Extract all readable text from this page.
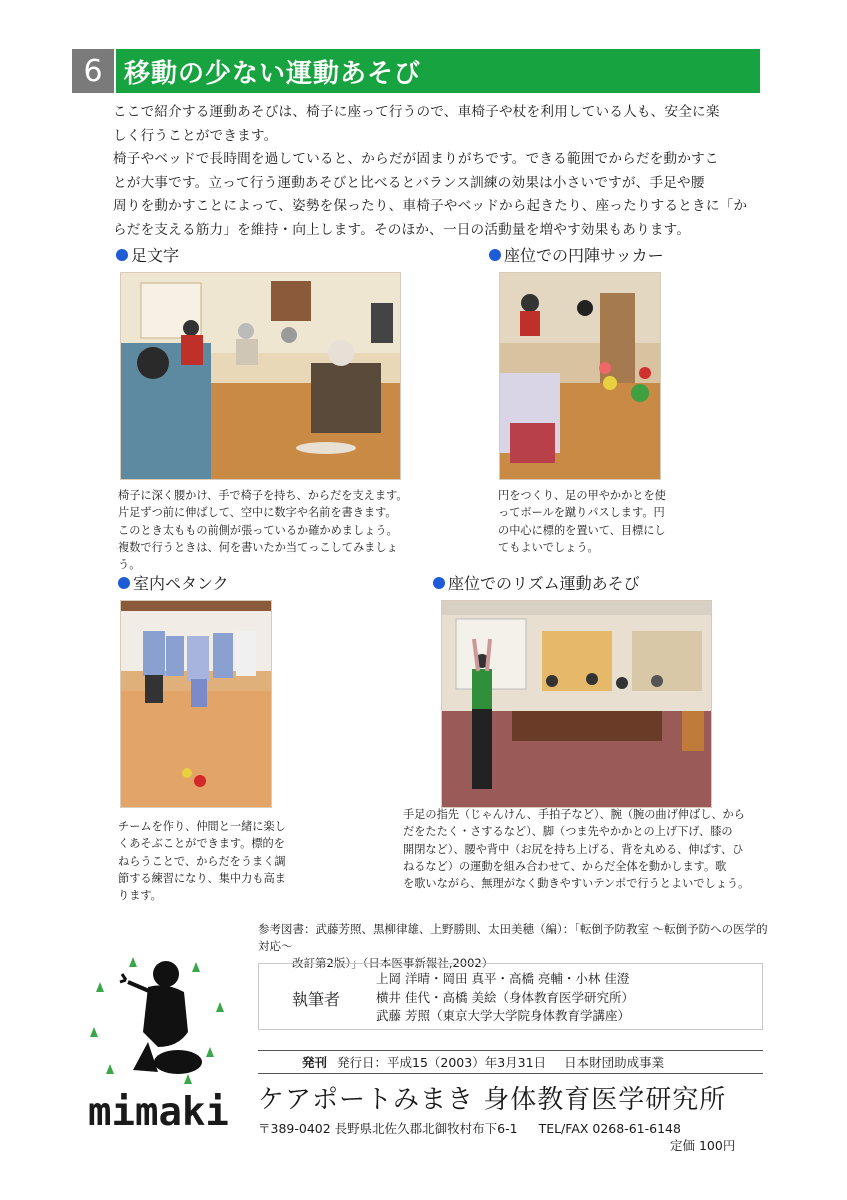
6 移動の少ない運動あそび

ここで紹介する運動あそびは、椅子に座って行うので、車椅子や杖を利用している人も、安全に楽

しく行うことができます。

椅子やベッドで長時間を過していると、からだが固まりがちです。できる範囲でからだを動かすこ

とが大事です。立って行う運動あそびと比べるとバランス訓練の効果は小さいですが、手足や腰

周りを動かすことによって、姿勢を保ったり、車椅子やベッドから起きたり、座ったりするときに「か

らだを支える筋力」を維持・向上します。そのほか、一日の活動量を増やす効果もあります。

足文字

椅子に深く腰かけ、手で椅子を持ち、からだを支えます。

片足ずつ前に伸ばして、空中に数字や名前を書きます。

このとき太ももの前側が張っているか確かめましょう。

複数で行うときは、何を書いたか当てっこしてみましょ

う。

座位での円陣サッカー

円をつくり、足の甲やかかとを使

ってボールを蹴りパスします。円

の中心に標的を置いて、目標にし

てもよいでしょう。

室内ペタンク

チームを作り、仲間と一緒に楽し

くあそぶことができます。標的を

ねらうことで、からだをうまく調

節する練習になり、集中力も高ま

ります。

座位でのリズム運動あそび

手足の指先（じゃんけん、手拍子など）、腕（腕の曲げ伸ばし、から

だをたたく・さするなど）、脚（つま先やかかとの上げ下げ、膝の

開閉など）、腰や背中（お尻を持ち上げる、背を丸める、伸ばす、ひ

ねるなど）の運動を組み合わせて、からだ全体を動かします。歌

を歌いながら、無理がなく動きやすいテンポで行うとよいでしょう。

参考図書：武藤芳照、黒柳律雄、上野勝則、太田美穂（編）：「転倒予防教室 ～転倒予防への医学的対応～

改訂第2版）」（日本医事新報社,2002）

執筆者

上岡 洋晴・岡田 真平・高橋 亮輔・小林 佳澄

横井 佳代・高橋 美絵（身体教育医学研究所）

武藤 芳照（東京大学大学院身体教育学講座）

発刊 発行日：平成15（2003）年3月31日 日本財団助成事業
ケアポートみまき 身体教育医学研究所
〒389-0402 長野県北佐久郡北御牧村布下6-1 TEL/FAX 0268-61-6148
定価 100円
mimaki
